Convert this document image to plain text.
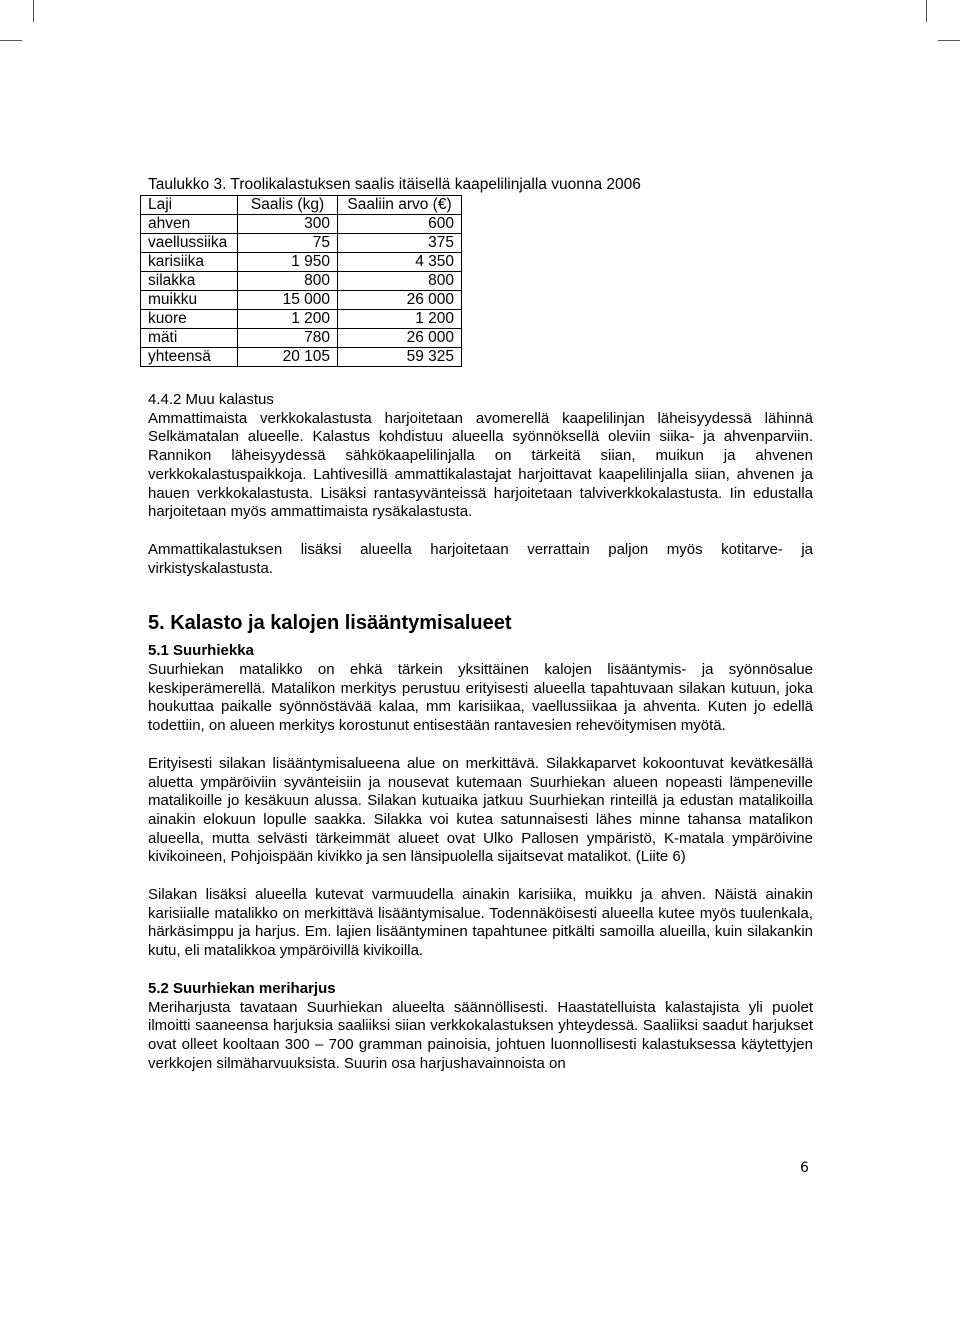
Taulukko 3. Troolikalastuksen saalis itäisellä kaapelilinjalla vuonna 2006

Laji	Saalis (kg)	Saaliin arvo (€)
ahven	300	600
vaellussiika	75	375
karisiika	1 950	4 350
silakka	800	800
muikku	15 000	26 000
kuore	1 200	1 200
mäti	780	26 000
yhteensä	20 105	59 325

4.4.2 Muu kalastus

Ammattimaista verkkokalastusta harjoitetaan avomerellä kaapelilinjan läheisyydessä lähinnä Selkämatalan alueelle. Kalastus kohdistuu alueella syönnöksellä oleviin siika- ja ahvenparviin. Rannikon läheisyydessä sähkökaapelilinjalla on tärkeitä siian, muikun ja ahvenen verkkokalastuspaikkoja. Lahtivesillä ammattikalastajat harjoittavat kaapelilinjalla siian, ahvenen ja hauen verkkokalastusta. Lisäksi rantasyvänteissä harjoitetaan talviverkkokalastusta. Iin edustalla harjoitetaan myös ammattimaista rysäkalastusta.

Ammattikalastuksen lisäksi alueella harjoitetaan verrattain paljon myös kotitarve- ja virkistyskalastusta.

5. Kalasto ja kalojen lisääntymisalueet
5.1 Suurhiekka

Suurhiekan matalikko on ehkä tärkein yksittäinen kalojen lisääntymis- ja syönnösalue keskiperämerellä. Matalikon merkitys perustuu erityisesti alueella tapahtuvaan silakan kutuun, joka houkuttaa paikalle syönnöstävää kalaa, mm karisiikaa, vaellussiikaa ja ahventa. Kuten jo edellä todettiin, on alueen merkitys korostunut entisestään rantavesien rehevöitymisen myötä.

Erityisesti silakan lisääntymisalueena alue on merkittävä. Silakkaparvet kokoontuvat kevätkesällä aluetta ympäröiviin syvänteisiin ja nousevat kutemaan Suurhiekan alueen nopeasti lämpeneville matalikoille jo kesäkuun alussa. Silakan kutuaika jatkuu Suurhiekan rinteillä ja edustan matalikoilla ainakin elokuun lopulle saakka. Silakka voi kutea satunnaisesti lähes minne tahansa matalikon alueella, mutta selvästi tärkeimmät alueet ovat Ulko Pallosen ympäristö, K-matala ympäröivine kivikoineen, Pohjoispään kivikko ja sen länsipuolella sijaitsevat matalikot. (Liite 6)

Silakan lisäksi alueella kutevat varmuudella ainakin karisiika, muikku ja ahven. Näistä ainakin karisiialle matalikko on merkittävä lisääntymisalue. Todennäköisesti alueella kutee myös tuulenkala, härkäsimppu ja harjus. Em. lajien lisääntyminen tapahtunee pitkälti samoilla alueilla, kuin silakankin kutu, eli matalikkoa ympäröivillä kivikoilla.

5.2 Suurhiekan meriharjus

Meriharjusta tavataan Suurhiekan alueelta säännöllisesti. Haastatelluista kalastajista yli puolet ilmoitti saaneensa harjuksia saaliiksi siian verkkokalastuksen yhteydessä. Saaliiksi saadut harjukset ovat olleet kooltaan 300 – 700 gramman painoisia, johtuen luonnollisesti kalastuksessa käytettyjen verkkojen silmäharvuuksista. Suurin osa harjushavainnoista on

6
